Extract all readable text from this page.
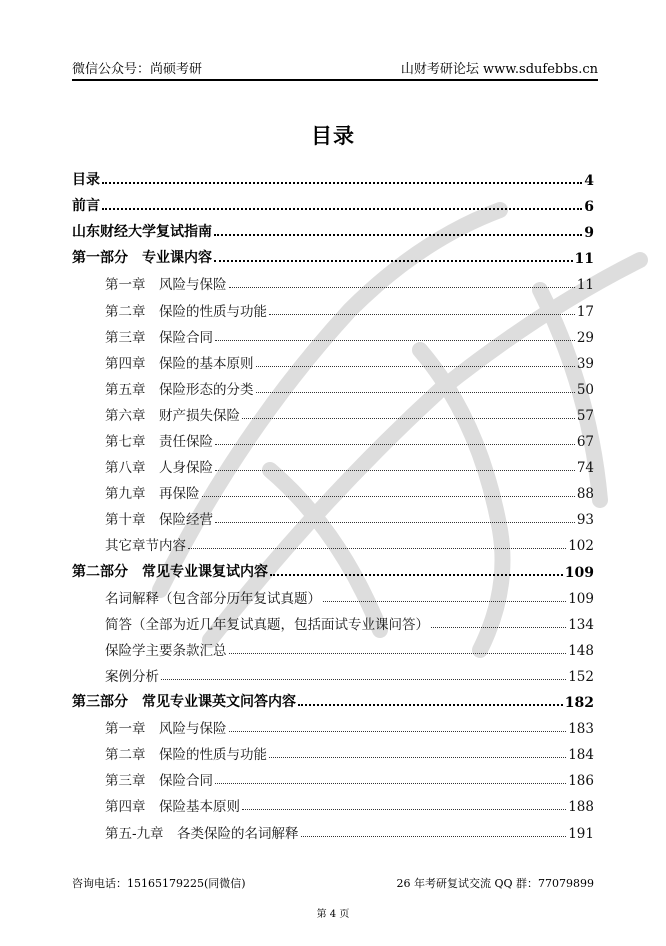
微信公众号：尚硕考研	山财考研论坛 www.sdufebbs.cn
目录
目录	4
前言	6
山东财经大学复试指南	9
第一部分　专业课内容	11
第一章　风险与保险	11
第二章　保险的性质与功能	17
第三章　保险合同	29
第四章　保险的基本原则	39
第五章　保险形态的分类	50
第六章　财产损失保险	57
第七章　责任保险	67
第八章　人身保险	74
第九章　再保险	88
第十章　保险经营	93
其它章节内容	102
第二部分　常见专业课复试内容	109
名词解释（包含部分历年复试真题）	109
简答（全部为近几年复试真题，包括面试专业课问答）	134
保险学主要条款汇总	148
案例分析	152
第三部分　常见专业课英文问答内容	182
第一章　风险与保险	183
第二章　保险的性质与功能	184
第三章　保险合同	186
第四章　保险基本原则	188
第五-九章　各类保险的名词解释	191
咨询电话：15165179225(同微信)	26 年考研复试交流 QQ 群：77079899
第 4 页
